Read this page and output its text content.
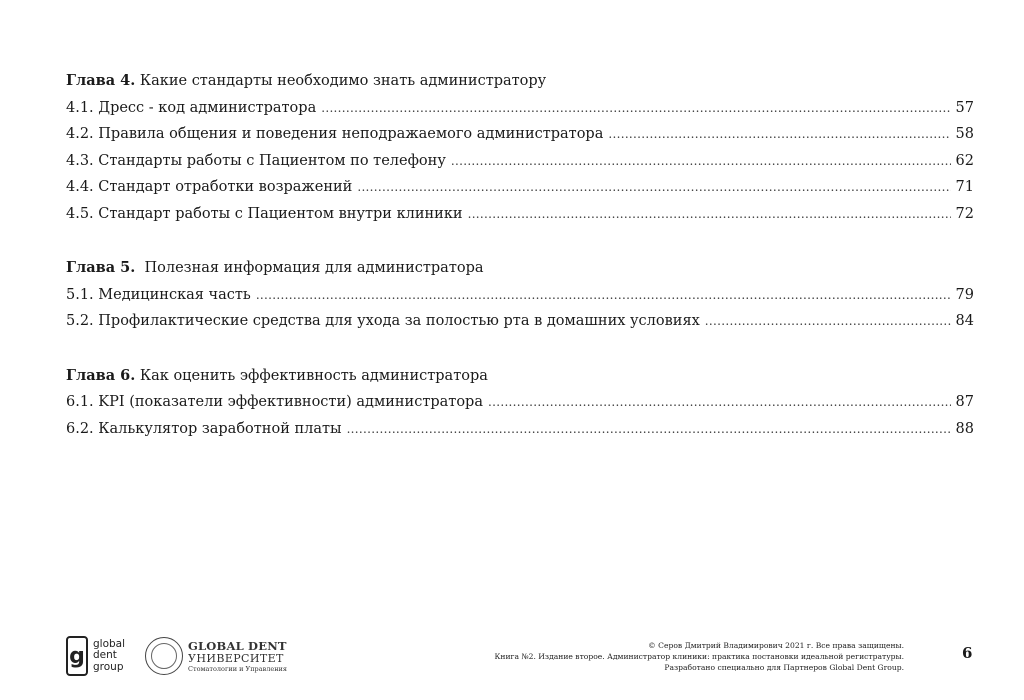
Глава 4. Какие стандарты необходимо знать администратору
4.1. Дресс - код администратора .....	57
4.2. Правила общения и поведения неподражаемого администратора .....	58
4.3. Стандарты работы с Пациентом по телефону .....	62
4.4. Стандарт отработки возражений .....	71
4.5. Стандарт работы с Пациентом внутри клиники .....	72
Глава 5.  Полезная информация для администратора
5.1. Медицинская часть .....	79
5.2. Профилактические средства для ухода за полостью рта в домашних условиях .....	84
Глава 6. Как оценить эффективность администратора
6.1. KPI (показатели эффективности) администратора .....	87
6.2. Калькулятор заработной платы .....	88
g global
dent
group
GLOBAL DENT
УНИВЕРСИТЕТ
Стоматологии и Управления
© Серов Дмитрий Владимирович 2021 г. Все права защищены.
Книга №2. Издание второе. Администратор клиники: практика постановки идеальной регистратуры.
Разработано специально для Партнеров Global Dent Group.
6
